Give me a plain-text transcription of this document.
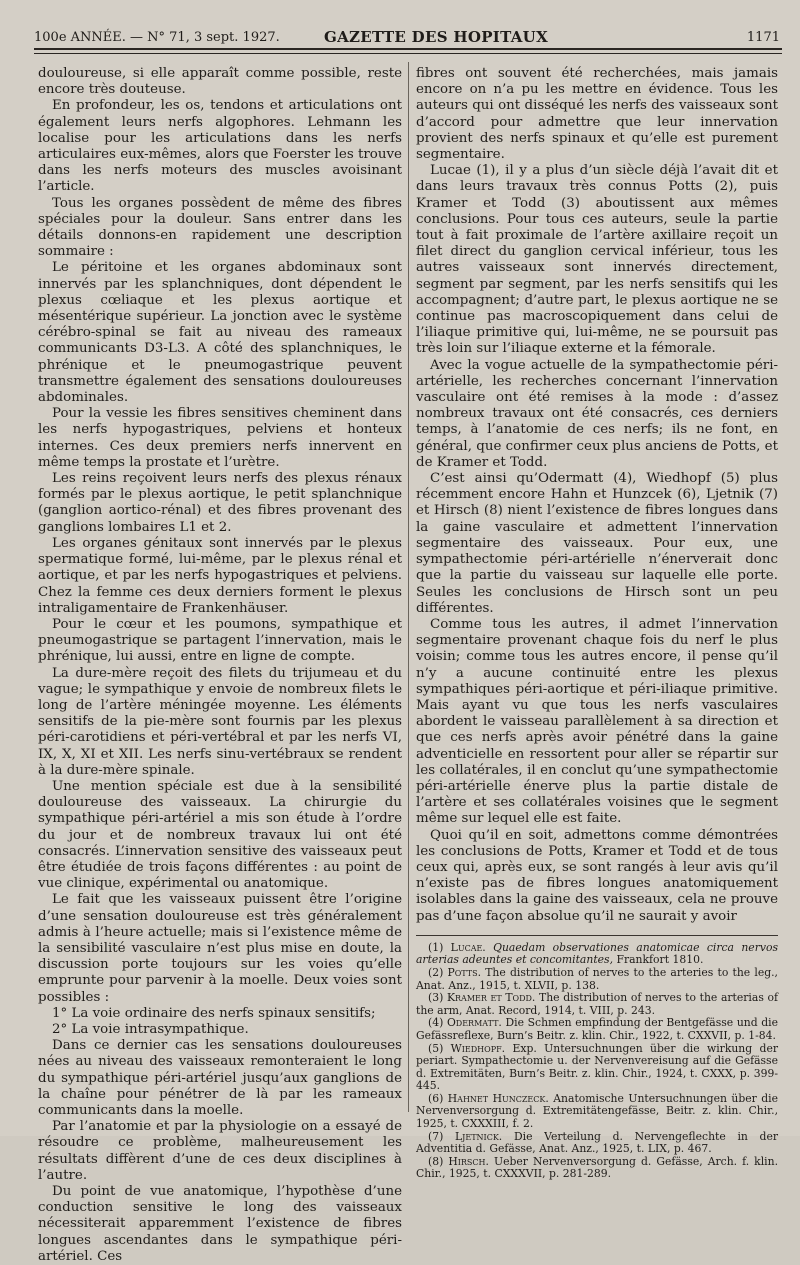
100e ANNÉE. — N° 71, 3 sept. 1927.	GAZETTE DES HOPITAUX	1171

douloureuse, si elle apparaît comme possible, reste encore très douteuse.

En profondeur, les os, tendons et articulations ont également leurs nerfs algophores. Lehmann les localise pour les articulations dans les nerfs articulaires eux-mêmes, alors que Foerster les trouve dans les nerfs moteurs des muscles avoisinant l’article.

Tous les organes possèdent de même des fibres spéciales pour la douleur. Sans entrer dans les détails donnons-en rapidement une description sommaire :

Le péritoine et les organes abdominaux sont innervés par les splanchniques, dont dépendent le plexus cœliaque et les plexus aortique et mésentérique supérieur. La jonction avec le système cérébro-spinal se fait au niveau des rameaux communicants D3-L3. A côté des splanchniques, le phrénique et le pneumogastrique peuvent transmettre également des sensations douloureuses abdominales.

Pour la vessie les fibres sensitives cheminent dans les nerfs hypogastriques, pelviens et honteux internes. Ces deux premiers nerfs innervent en même temps la prostate et l’urètre.

Les reins reçoivent leurs nerfs des plexus rénaux formés par le plexus aortique, le petit splanchnique (ganglion aortico-rénal) et des fibres provenant des ganglions lombaires L1 et 2.

Les organes génitaux sont innervés par le plexus spermatique formé, lui-même, par le plexus rénal et aortique, et par les nerfs hypogastriques et pelviens. Chez la femme ces deux derniers forment le plexus intraligamentaire de Frankenhäuser.

Pour le cœur et les poumons, sympathique et pneumogastrique se partagent l’innervation, mais le phrénique, lui aussi, entre en ligne de compte.

La dure-mère reçoit des filets du trijumeau et du vague; le sympathique y envoie de nombreux filets le long de l’artère méningée moyenne. Les éléments sensitifs de la pie-mère sont fournis par les plexus péri-carotidiens et péri-vertébral et par les nerfs VI, IX, X, XI et XII. Les nerfs sinu-vertébraux se rendent à la dure-mère spinale.

Une mention spéciale est due à la sensibilité douloureuse des vaisseaux. La chirurgie du sympathique péri-artériel a mis son étude à l’ordre du jour et de nombreux travaux lui ont été consacrés. L’innervation sensitive des vaisseaux peut être étudiée de trois façons différentes : au point de vue clinique, expérimental ou anatomique.

Le fait que les vaisseaux puissent être l’origine d’une sensation douloureuse est très généralement admis à l’heure actuelle; mais si l’existence même de la sensibilité vasculaire n’est plus mise en doute, la discussion porte toujours sur les voies qu’elle emprunte pour parvenir à la moelle. Deux voies sont possibles :

1° La voie ordinaire des nerfs spinaux sensitifs;

2° La voie intrasympathique.

Dans ce dernier cas les sensations douloureuses nées au niveau des vaisseaux remonteraient le long du sympathique péri-artériel jusqu’aux ganglions de la chaîne pour pénétrer de là par les rameaux communicants dans la moelle.

Par l’anatomie et par la physiologie on a essayé de résoudre ce problème, malheureusement les résultats diffèrent d’une de ces deux disciplines à l’autre.

Du point de vue anatomique, l’hypothèse d’une conduction sensitive le long des vaisseaux nécessiterait apparemment l’existence de fibres longues ascendantes dans le sympathique péri-artériel. Ces

fibres ont souvent été recherchées, mais jamais encore on n’a pu les mettre en évidence. Tous les auteurs qui ont disséqué les nerfs des vaisseaux sont d’accord pour admettre que leur innervation provient des nerfs spinaux et qu’elle est purement segmentaire.

Lucae (1), il y a plus d’un siècle déjà l’avait dit et dans leurs travaux très connus Potts (2), puis Kramer et Todd (3) aboutissent aux mêmes conclusions. Pour tous ces auteurs, seule la partie tout à fait proximale de l’artère axillaire reçoit un filet direct du ganglion cervical inférieur, tous les autres vaisseaux sont innervés directement, segment par segment, par les nerfs sensitifs qui les accompagnent; d’autre part, le plexus aortique ne se continue pas macroscopiquement dans celui de l’iliaque primitive qui, lui-même, ne se poursuit pas très loin sur l’iliaque externe et la fémorale.

Avec la vogue actuelle de la sympathectomie péri-artérielle, les recherches concernant l’innervation vasculaire ont été remises à la mode : d’assez nombreux travaux ont été consacrés, ces derniers temps, à l’anatomie de ces nerfs; ils ne font, en général, que confirmer ceux plus anciens de Potts, et de Kramer et Todd.

C’est ainsi qu’Odermatt (4), Wiedhopf (5) plus récemment encore Hahn et Hunzcek (6), Ljetnik (7) et Hirsch (8) nient l’existence de fibres longues dans la gaine vasculaire et admettent l’innervation segmentaire des vaisseaux. Pour eux, une sympathectomie péri-artérielle n’énerverait donc que la partie du vaisseau sur laquelle elle porte. Seules les conclusions de Hirsch sont un peu différentes.

Comme tous les autres, il admet l’innervation segmentaire provenant chaque fois du nerf le plus voisin; comme tous les autres encore, il pense qu’il n’y a aucune continuité entre les plexus sympathiques péri-aortique et péri-iliaque primitive. Mais ayant vu que tous les nerfs vasculaires abordent le vaisseau parallèlement à sa direction et que ces nerfs après avoir pénétré dans la gaine adventicielle en ressortent pour aller se répartir sur les collatérales, il en conclut qu’une sympathectomie péri-artérielle énerve plus la partie distale de l’artère et ses collatérales voisines que le segment même sur lequel elle est faite.

Quoi qu’il en soit, admettons comme démontrées les conclusions de Potts, Kramer et Todd et de tous ceux qui, après eux, se sont rangés à leur avis qu’il n’existe pas de fibres longues anatomiquement isolables dans la gaine des vaisseaux, cela ne prouve pas d’une façon absolue qu’il ne saurait y avoir

(1) Lucae. Quaedam observationes anatomicae circa nervos arterias adeuntes et concomitantes, Frankfort 1810.

(2) Potts. The distribution of nerves to the arteries to the leg., Anat. Anz., 1915, t. XLVII, p. 138.

(3) Kramer et Todd. The distribution of nerves to the arterias of the arm, Anat. Record, 1914, t. VIII, p. 243.

(4) Odermatt. Die Schmen empfindung der Bentgefässe und die Gefässreflexe, Burn’s Beitr. z. klin. Chir., 1922, t. CXXVII, p. 1-84.

(5) Wiedhopf. Exp. Untersuchnungen über die wirkung der periart. Sympathectomie u. der Nervenvereisung auf die Gefässe d. Extremitäten, Burn’s Beitr. z. klin. Chir., 1924, t. CXXX, p. 399-445.

(6) Hahnet Hunczeck. Anatomische Untersuchnungen über die Nervenversorgung d. Extremitätengefässe, Beitr. z. klin. Chir., 1925, t. CXXXIII, f. 2.

(7) Ljetnick. Die Verteilung d. Nervengeflechte in der Adventitia d. Gefässe, Anat. Anz., 1925, t. LIX, p. 467.

(8) Hirsch. Ueber Nervenversorgung d. Gefässe, Arch. f. klin. Chir., 1925, t. CXXXVII, p. 281-289.
